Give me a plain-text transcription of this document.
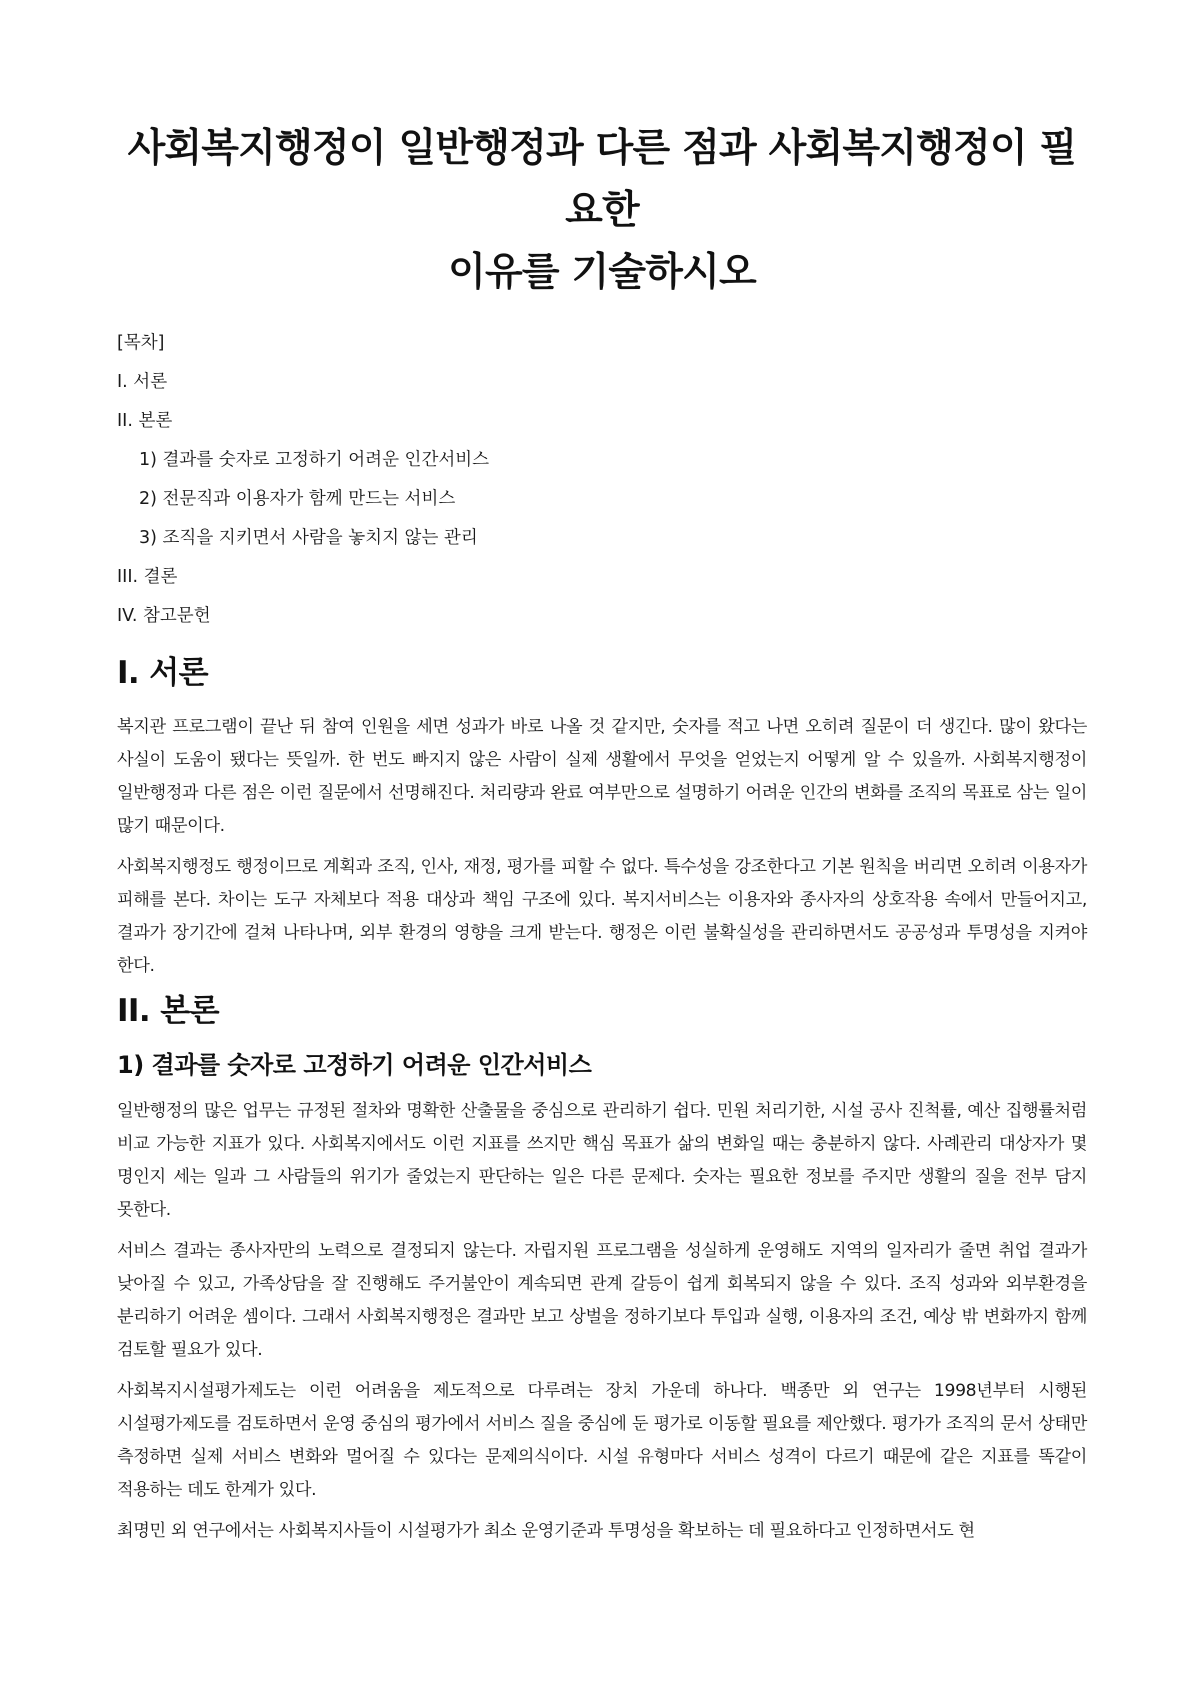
사회복지행정이 일반행정과 다른 점과 사회복지행정이 필요한
이유를 기술하시오
[목차]
I. 서론
II. 본론
1) 결과를 숫자로 고정하기 어려운 인간서비스
2) 전문직과 이용자가 함께 만드는 서비스
3) 조직을 지키면서 사람을 놓치지 않는 관리
III. 결론
IV. 참고문헌
I. 서론

복지관 프로그램이 끝난 뒤 참여 인원을 세면 성과가 바로 나올 것 같지만, 숫자를 적고 나면 오히려 질문이 더 생긴다. 많이 왔다는 사실이 도움이 됐다는 뜻일까. 한 번도 빠지지 않은 사람이 실제 생활에서 무엇을 얻었는지 어떻게 알 수 있을까. 사회복지행정이 일반행정과 다른 점은 이런 질문에서 선명해진다. 처리량과 완료 여부만으로 설명하기 어려운 인간의 변화를 조직의 목표로 삼는 일이 많기 때문이다.

사회복지행정도 행정이므로 계획과 조직, 인사, 재정, 평가를 피할 수 없다. 특수성을 강조한다고 기본 원칙을 버리면 오히려 이용자가 피해를 본다. 차이는 도구 자체보다 적용 대상과 책임 구조에 있다. 복지서비스는 이용자와 종사자의 상호작용 속에서 만들어지고, 결과가 장기간에 걸쳐 나타나며, 외부 환경의 영향을 크게 받는다. 행정은 이런 불확실성을 관리하면서도 공공성과 투명성을 지켜야 한다.

II. 본론
1) 결과를 숫자로 고정하기 어려운 인간서비스

일반행정의 많은 업무는 규정된 절차와 명확한 산출물을 중심으로 관리하기 쉽다. 민원 처리기한, 시설 공사 진척률, 예산 집행률처럼 비교 가능한 지표가 있다. 사회복지에서도 이런 지표를 쓰지만 핵심 목표가 삶의 변화일 때는 충분하지 않다. 사례관리 대상자가 몇 명인지 세는 일과 그 사람들의 위기가 줄었는지 판단하는 일은 다른 문제다. 숫자는 필요한 정보를 주지만 생활의 질을 전부 담지 못한다.

서비스 결과는 종사자만의 노력으로 결정되지 않는다. 자립지원 프로그램을 성실하게 운영해도 지역의 일자리가 줄면 취업 결과가 낮아질 수 있고, 가족상담을 잘 진행해도 주거불안이 계속되면 관계 갈등이 쉽게 회복되지 않을 수 있다. 조직 성과와 외부환경을 분리하기 어려운 셈이다. 그래서 사회복지행정은 결과만 보고 상벌을 정하기보다 투입과 실행, 이용자의 조건, 예상 밖 변화까지 함께 검토할 필요가 있다.

사회복지시설평가제도는 이런 어려움을 제도적으로 다루려는 장치 가운데 하나다. 백종만 외 연구는 1998년부터 시행된 시설평가제도를 검토하면서 운영 중심의 평가에서 서비스 질을 중심에 둔 평가로 이동할 필요를 제안했다. 평가가 조직의 문서 상태만 측정하면 실제 서비스 변화와 멀어질 수 있다는 문제의식이다. 시설 유형마다 서비스 성격이 다르기 때문에 같은 지표를 똑같이 적용하는 데도 한계가 있다.

최명민 외 연구에서는 사회복지사들이 시설평가가 최소 운영기준과 투명성을 확보하는 데 필요하다고 인정하면서도 현
